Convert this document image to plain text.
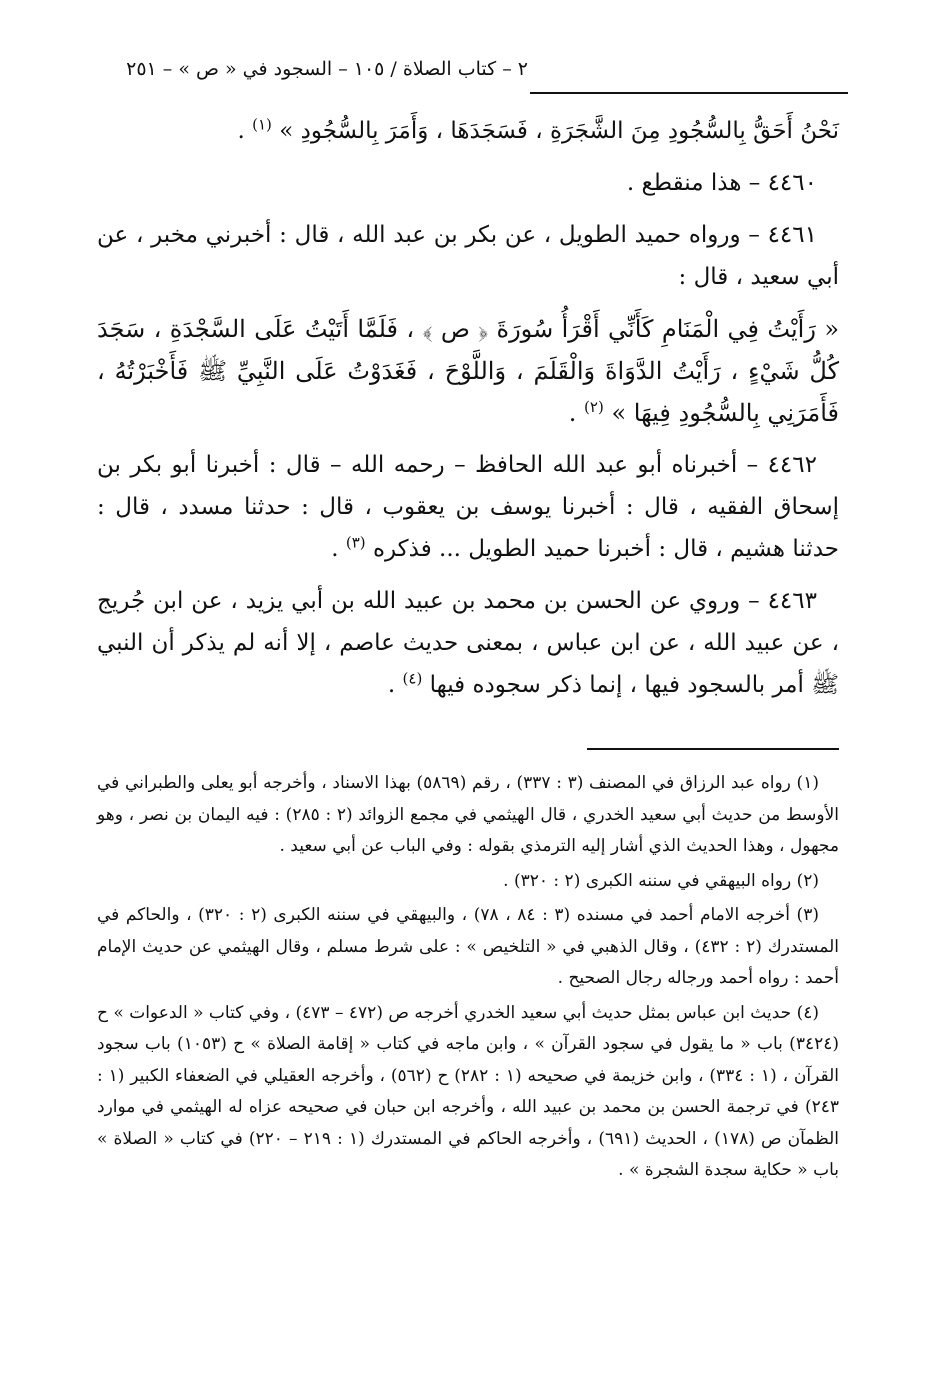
٢ – كتاب الصلاة / ١٠٥ – السجود في « ص » – ٢٥١

نَحْنُ أَحَقُّ بِالسُّجُودِ مِنَ الشَّجَرَةِ ، فَسَجَدَهَا ، وَأَمَرَ بِالسُّجُودِ » $^{(١)}$ .

٤٤٦٠ – هذا منقطع .

٤٤٦١ – ورواه حميد الطويل ، عن بكر بن عبد الله ، قال : أخبرني مخبر ، عن أبي سعيد ، قال :

« رَأَيْتُ فِي الْمَنَامِ كَأَنِّي أَقْرَأُ سُورَةَ ﴿ ص ﴾ ، فَلَمَّا أَتَيْتُ عَلَى السَّجْدَةِ ، سَجَدَ كُلُّ شَيْءٍ ، رَأَيْتُ الدَّوَاةَ وَالْقَلَمَ ، وَاللَّوْحَ ، فَغَدَوْتُ عَلَى النَّبِيِّ ﷺ فَأَخْبَرْتُهُ ، فَأَمَرَنِي بِالسُّجُودِ فِيهَا » $^{(٢)}$ .

٤٤٦٢ – أخبرناه أبو عبد الله الحافظ – رحمه الله – قال : أخبرنا أبو بكر بن إسحاق الفقيه ، قال : أخبرنا يوسف بن يعقوب ، قال : حدثنا مسدد ، قال : حدثنا هشيم ، قال : أخبرنا حميد الطويل ... فذكره $^{(٣)}$ .

٤٤٦٣ – وروي عن الحسن بن محمد بن عبيد الله بن أبي يزيد ، عن ابن جُريج ، عن عبيد الله ، عن ابن عباس ، بمعنى حديث عاصم ، إلا أنه لم يذكر أن النبي ﷺ أمر بالسجود فيها ، إنما ذكر سجوده فيها $^{(٤)}$ .

(١) رواه عبد الرزاق في المصنف (٣ : ٣٣٧) ، رقم (٥٨٦٩) بهذا الاسناد ، وأخرجه أبو يعلى والطبراني في الأوسط من حديث أبي سعيد الخدري ، قال الهيثمي في مجمع الزوائد (٢ : ٢٨٥) : فيه اليمان بن نصر ، وهو مجهول ، وهذا الحديث الذي أشار إليه الترمذي بقوله : وفي الباب عن أبي سعيد .

(٢) رواه البيهقي في سننه الكبرى (٢ : ٣٢٠) .

(٣) أخرجه الامام أحمد في مسنده (٣ : ٨٤ ، ٧٨) ، والبيهقي في سننه الكبرى (٢ : ٣٢٠) ، والحاكم في المستدرك (٢ : ٤٣٢) ، وقال الذهبي في « التلخيص » : على شرط مسلم ، وقال الهيثمي عن حديث الإمام أحمد : رواه أحمد ورجاله رجال الصحيح .

(٤) حديث ابن عباس بمثل حديث أبي سعيد الخدري أخرجه ص (٤٧٢ – ٤٧٣) ، وفي كتاب « الدعوات » ح (٣٤٢٤) باب « ما يقول في سجود القرآن » ، وابن ماجه في كتاب « إقامة الصلاة » ح (١٠٥٣) باب سجود القرآن ، (١ : ٣٣٤) ، وابن خزيمة في صحيحه (١ : ٢٨٢) ح (٥٦٢) ، وأخرجه العقيلي في الضعفاء الكبير (١ : ٢٤٣) في ترجمة الحسن بن محمد بن عبيد الله ، وأخرجه ابن حبان في صحيحه عزاه له الهيثمي في موارد الظمآن ص (١٧٨) ، الحديث (٦٩١) ، وأخرجه الحاكم في المستدرك (١ : ٢١٩ – ٢٢٠) في كتاب « الصلاة » باب « حكاية سجدة الشجرة » .
